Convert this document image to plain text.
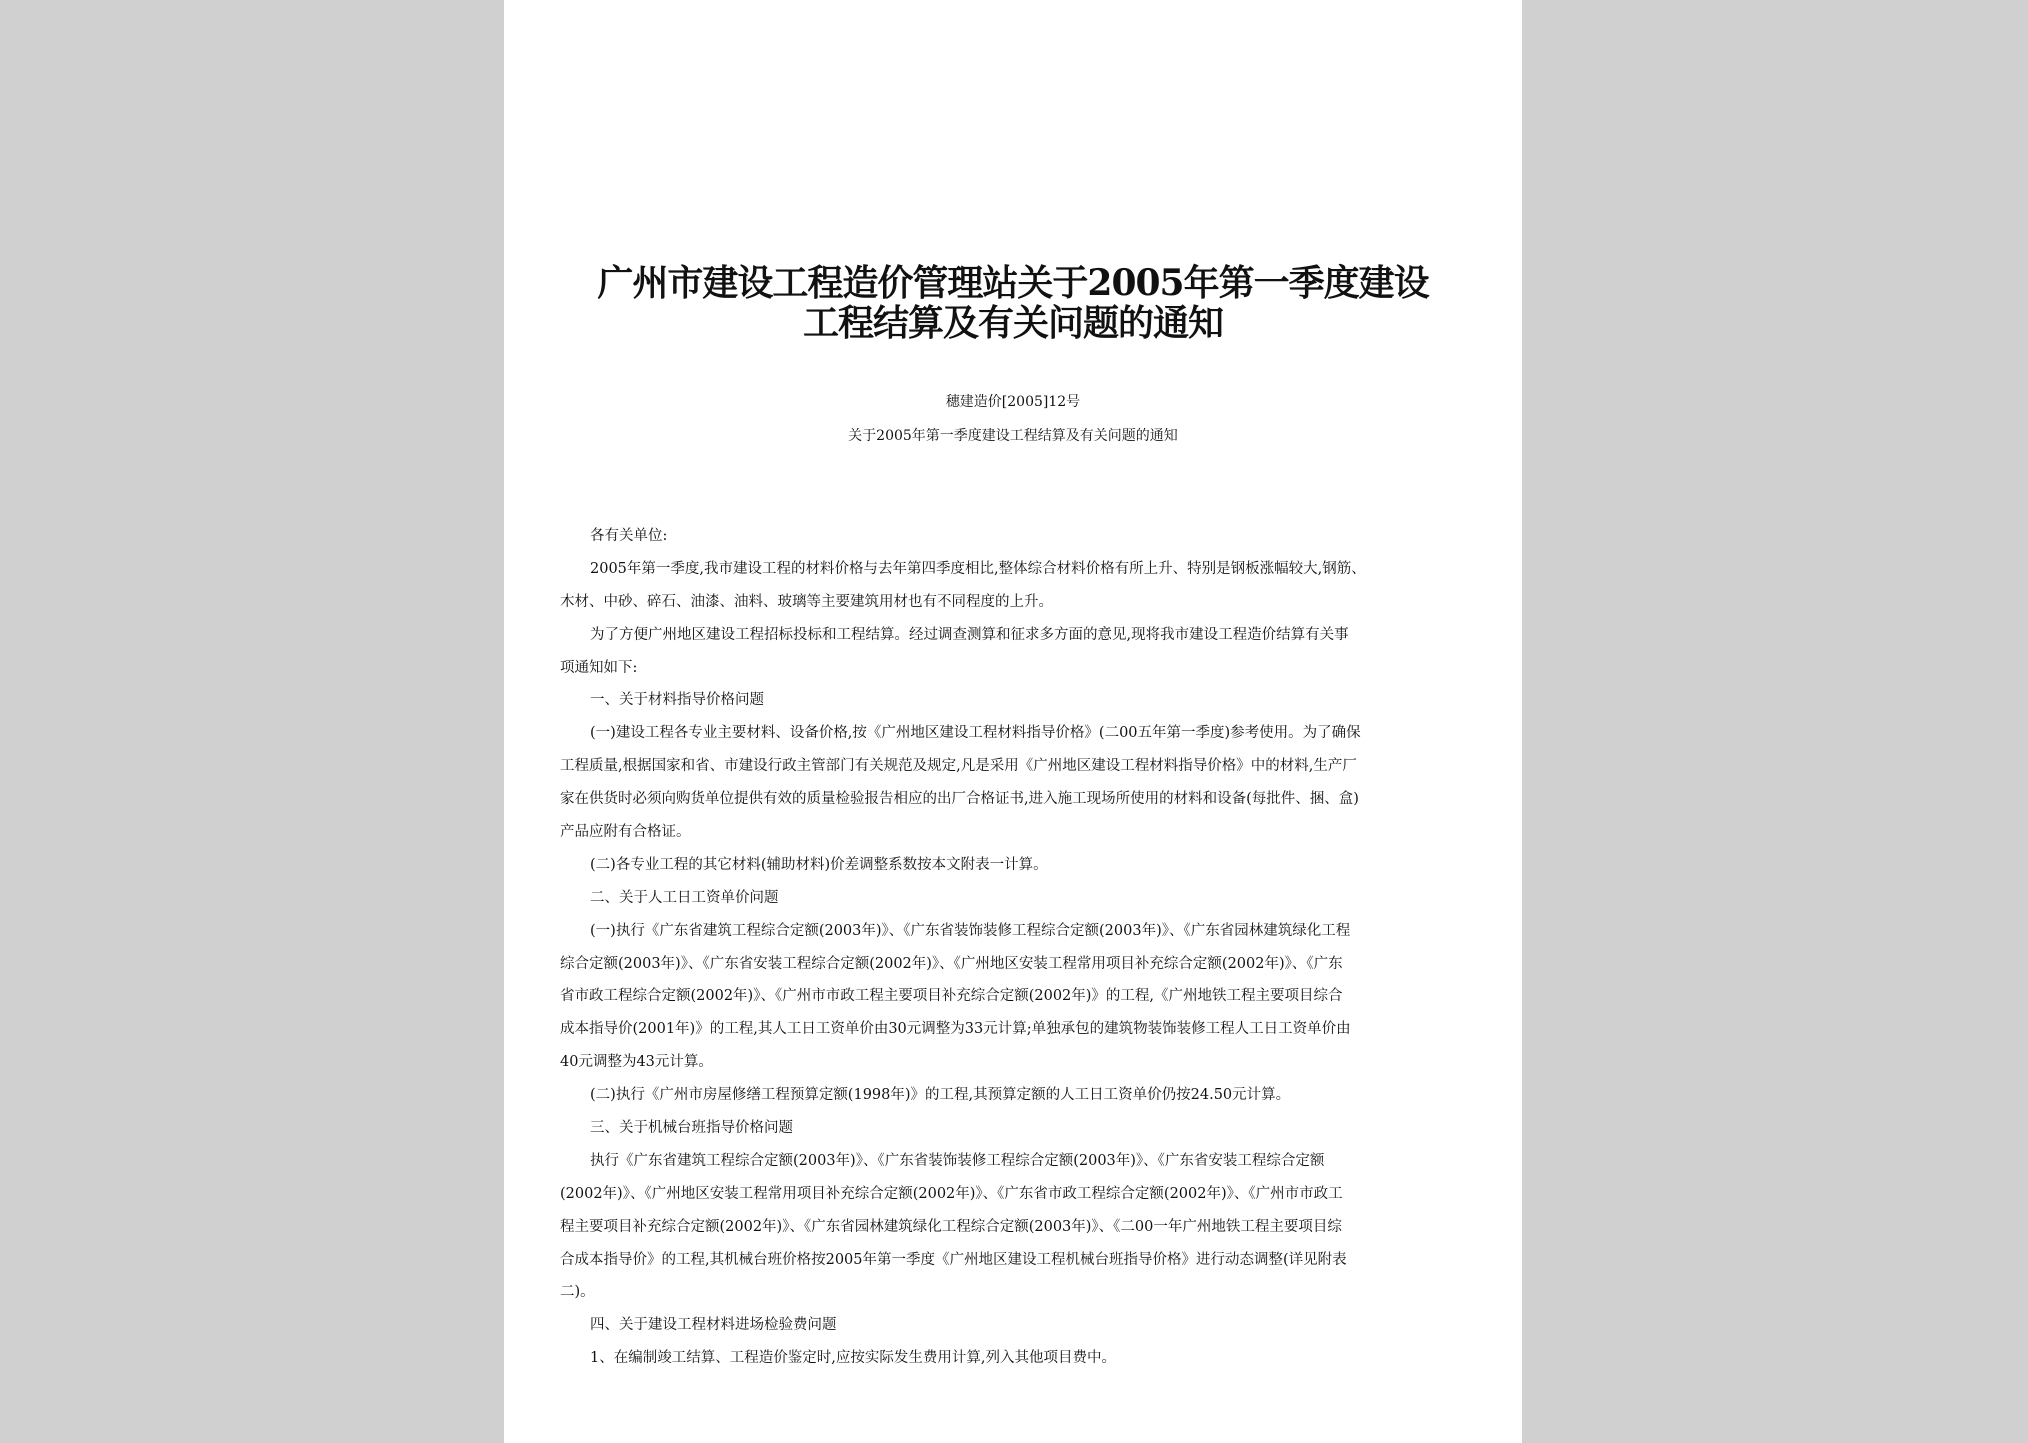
广州市建设工程造价管理站关于2005年第一季度建设
工程结算及有关问题的通知
穗建造价[2005]12号
关于2005年第一季度建设工程结算及有关问题的通知
各有关单位:
2005年第一季度,我市建设工程的材料价格与去年第四季度相比,整体综合材料价格有所上升、特别是钢板涨幅较大,钢筋、
木材、中砂、碎石、油漆、油料、玻璃等主要建筑用材也有不同程度的上升。
为了方便广州地区建设工程招标投标和工程结算。经过调查测算和征求多方面的意见,现将我市建设工程造价结算有关事
项通知如下:
一、关于材料指导价格问题
(一)建设工程各专业主要材料、设备价格,按《广州地区建设工程材料指导价格》(二00五年第一季度)参考使用。为了确保
工程质量,根据国家和省、市建设行政主管部门有关规范及规定,凡是采用《广州地区建设工程材料指导价格》中的材料,生产厂
家在供货时必须向购货单位提供有效的质量检验报告相应的出厂合格证书,进入施工现场所使用的材料和设备(每批件、捆、盒)
产品应附有合格证。
(二)各专业工程的其它材料(辅助材料)价差调整系数按本文附表一计算。
二、关于人工日工资单价问题
(一)执行《广东省建筑工程综合定额(2003年)》、《广东省装饰装修工程综合定额(2003年)》、《广东省园林建筑绿化工程
综合定额(2003年)》、《广东省安装工程综合定额(2002年)》、《广州地区安装工程常用项目补充综合定额(2002年)》、《广东
省市政工程综合定额(2002年)》、《广州市市政工程主要项目补充综合定额(2002年)》的工程,《广州地铁工程主要项目综合
成本指导价(2001年)》的工程,其人工日工资单价由30元调整为33元计算;单独承包的建筑物装饰装修工程人工日工资单价由
40元调整为43元计算。
(二)执行《广州市房屋修缮工程预算定额(1998年)》的工程,其预算定额的人工日工资单价仍按24.50元计算。
三、关于机械台班指导价格问题
执行《广东省建筑工程综合定额(2003年)》、《广东省装饰装修工程综合定额(2003年)》、《广东省安装工程综合定额
(2002年)》、《广州地区安装工程常用项目补充综合定额(2002年)》、《广东省市政工程综合定额(2002年)》、《广州市市政工
程主要项目补充综合定额(2002年)》、《广东省园林建筑绿化工程综合定额(2003年)》、《二00一年广州地铁工程主要项目综
合成本指导价》的工程,其机械台班价格按2005年第一季度《广州地区建设工程机械台班指导价格》进行动态调整(详见附表
二)。
四、关于建设工程材料进场检验费问题
1、在编制竣工结算、工程造价鉴定时,应按实际发生费用计算,列入其他项目费中。
